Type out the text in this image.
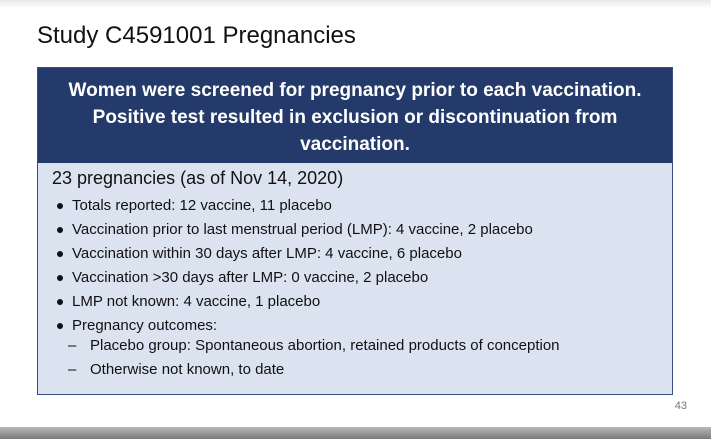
Study C4591001 Pregnancies
Women were screened for pregnancy prior to each vaccination.
Positive test resulted in exclusion or discontinuation from
vaccination.
23 pregnancies (as of Nov 14, 2020)
Totals reported: 12 vaccine, 11 placebo
Vaccination prior to last menstrual period (LMP): 4 vaccine, 2 placebo
Vaccination within 30 days after LMP: 4 vaccine, 6 placebo
Vaccination >30 days after LMP: 0 vaccine, 2 placebo
LMP not known: 4 vaccine, 1 placebo
Pregnancy outcomes:
– Placebo group: Spontaneous abortion, retained products of conception
– Otherwise not known, to date
43
